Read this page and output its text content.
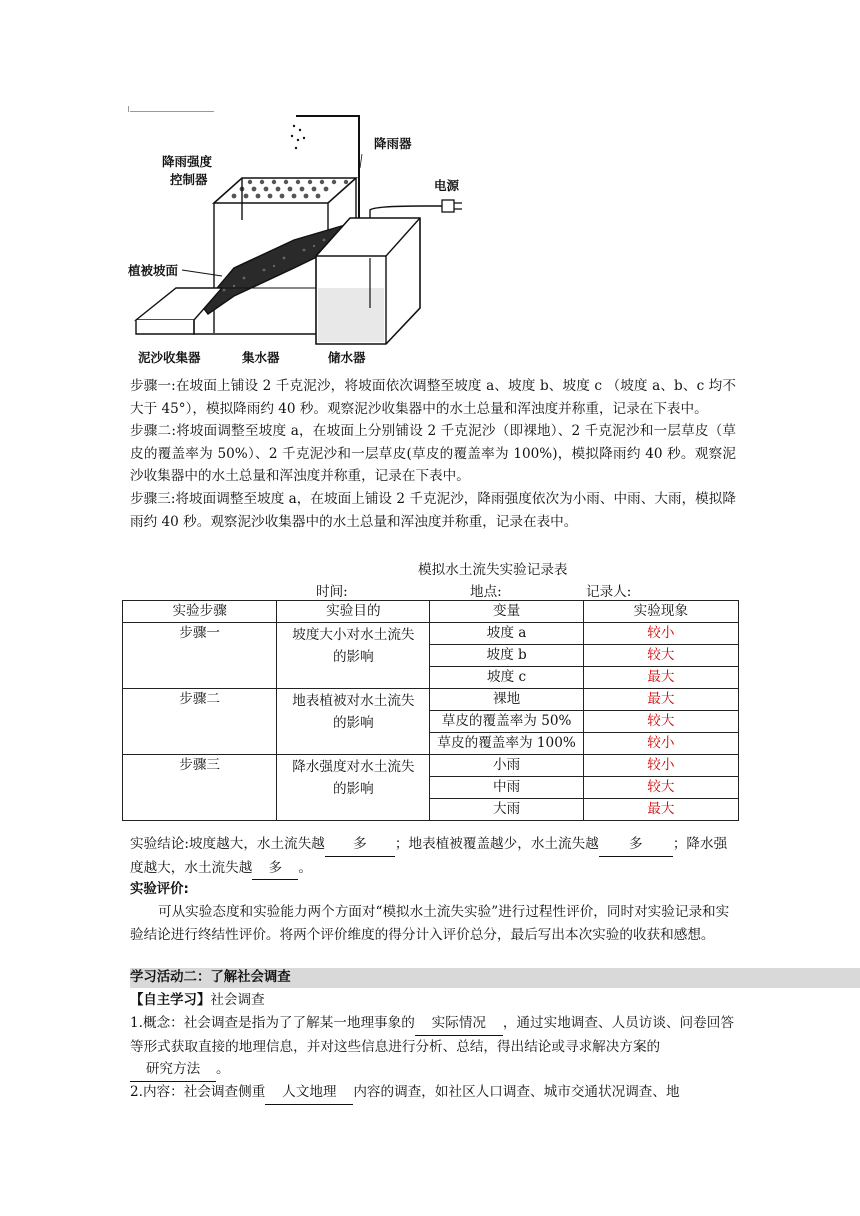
降雨器
降雨强度
控制器	电源
植被坡面
泥沙收集器	集水器	储水器

步骤一:在坡面上铺设 2 千克泥沙，将坡面依次调整至坡度 a、坡度 b、坡度 c （坡度 a、b、c 均不大于 45°），模拟降雨约 40 秒。观察泥沙收集器中的水土总量和浑浊度并称重，记录在下表中。

步骤二:将坡面调整至坡度 a，在坡面上分别铺设 2 千克泥沙（即裸地）、2 千克泥沙和一层草皮（草皮的覆盖率为 50%）、2 千克泥沙和一层草皮(草皮的覆盖率为 100%)，模拟降雨约 40 秒。观察泥沙收集器中的水土总量和浑浊度并称重，记录在下表中。

步骤三:将坡面调整至坡度 a，在坡面上铺设 2 千克泥沙，降雨强度依次为小雨、中雨、大雨，模拟降雨约 40 秒。观察泥沙收集器中的水土总量和浑浊度并称重，记录在表中。

模拟水土流失实验记录表
时间:	地点:	记录人:
实验步骤	实验目的	变量	实验现象
步骤一	坡度大小对水土流失
的影响	坡度 a	较小
		坡度 b	较大
		坡度 c	最大
步骤二	地表植被对水土流失
的影响	裸地	最大
		草皮的覆盖率为 50%	较大
		草皮的覆盖率为 100%	较小
步骤三	降水强度对水土流失
的影响	小雨	较小
		中雨	较大
		大雨	最大
实验结论:坡度越大，水土流失越 多 ；地表植被覆盖越少，水土流失越 多 ；降水强度越大，水土流失越 多 。
实验评价:
可从实验态度和实验能力两个方面对“模拟水土流失实验”进行过程性评价，同时对实验记录和实验结论进行终结性评价。将两个评价维度的得分计入评价总分，最后写出本次实验的收获和感想。
学习活动二：了解社会调查
【自主学习】社会调查
1.概念：社会调查是指为了了解某一地理事象的 实际情况 ，通过实地调查、人员访谈、问卷回答等形式获取直接的地理信息，并对这些信息进行分析、总结，得出结论或寻求解决方案的研究方法 。
2.内容：社会调查侧重 人文地理 内容的调查，如社区人口调查、城市交通状况调查、地
